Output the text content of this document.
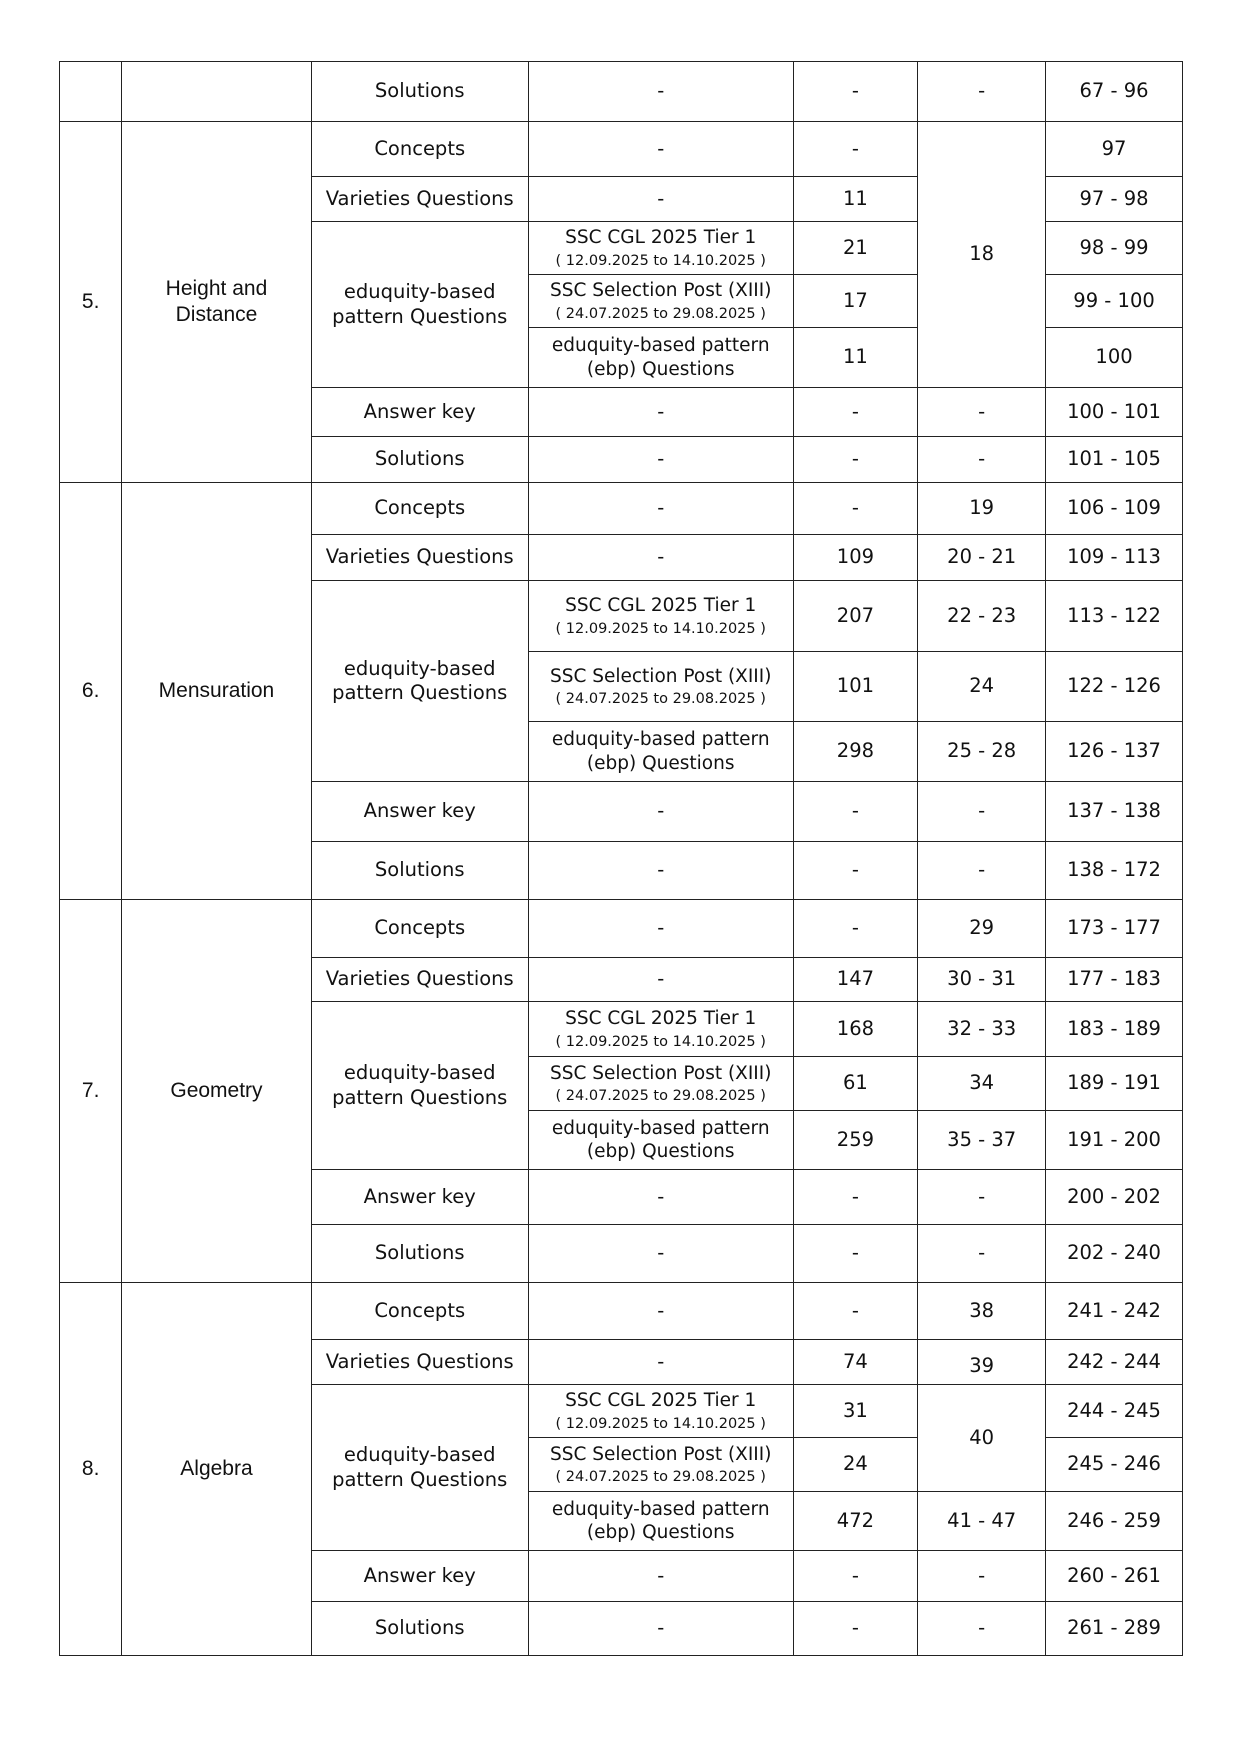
		Solutions	-	-	-	67 - 96
5.	Height and Distance	Concepts	-	-	18	97
		Varieties Questions	-	11		97 - 98
		eduquity-based pattern Questions	SSC CGL 2025 Tier 1
( 12.09.2025 to 14.10.2025 )	21		98 - 99
			SSC Selection Post (XIII)
( 24.07.2025 to 29.08.2025 )	17		99 - 100
			eduquity-based pattern (ebp) Questions	11		100
		Answer key	-	-	-	100 - 101
		Solutions	-	-	-	101 - 105
6.	Mensuration	Concepts	-	-	19	106 - 109
		Varieties Questions	-	109	20 - 21	109 - 113
		eduquity-based pattern Questions	SSC CGL 2025 Tier 1
( 12.09.2025 to 14.10.2025 )	207	22 - 23	113 - 122
			SSC Selection Post (XIII)
( 24.07.2025 to 29.08.2025 )	101	24	122 - 126
			eduquity-based pattern (ebp) Questions	298	25 - 28	126 - 137
		Answer key	-	-	-	137 - 138
		Solutions	-	-	-	138 - 172
7.	Geometry	Concepts	-	-	29	173 - 177
		Varieties Questions	-	147	30 - 31	177 - 183
		eduquity-based pattern Questions	SSC CGL 2025 Tier 1
( 12.09.2025 to 14.10.2025 )	168	32 - 33	183 - 189
			SSC Selection Post (XIII)
( 24.07.2025 to 29.08.2025 )	61	34	189 - 191
			eduquity-based pattern (ebp) Questions	259	35 - 37	191 - 200
		Answer key	-	-	-	200 - 202
		Solutions	-	-	-	202 - 240
8.	Algebra	Concepts	-	-	38	241 - 242
		Varieties Questions	-	74	39	242 - 244
		eduquity-based pattern Questions	SSC CGL 2025 Tier 1
( 12.09.2025 to 14.10.2025 )	31	40	244 - 245
			SSC Selection Post (XIII)
( 24.07.2025 to 29.08.2025 )	24		245 - 246
			eduquity-based pattern (ebp) Questions	472	41 - 47	246 - 259
		Answer key	-	-	-	260 - 261
		Solutions	-	-	-	261 - 289
